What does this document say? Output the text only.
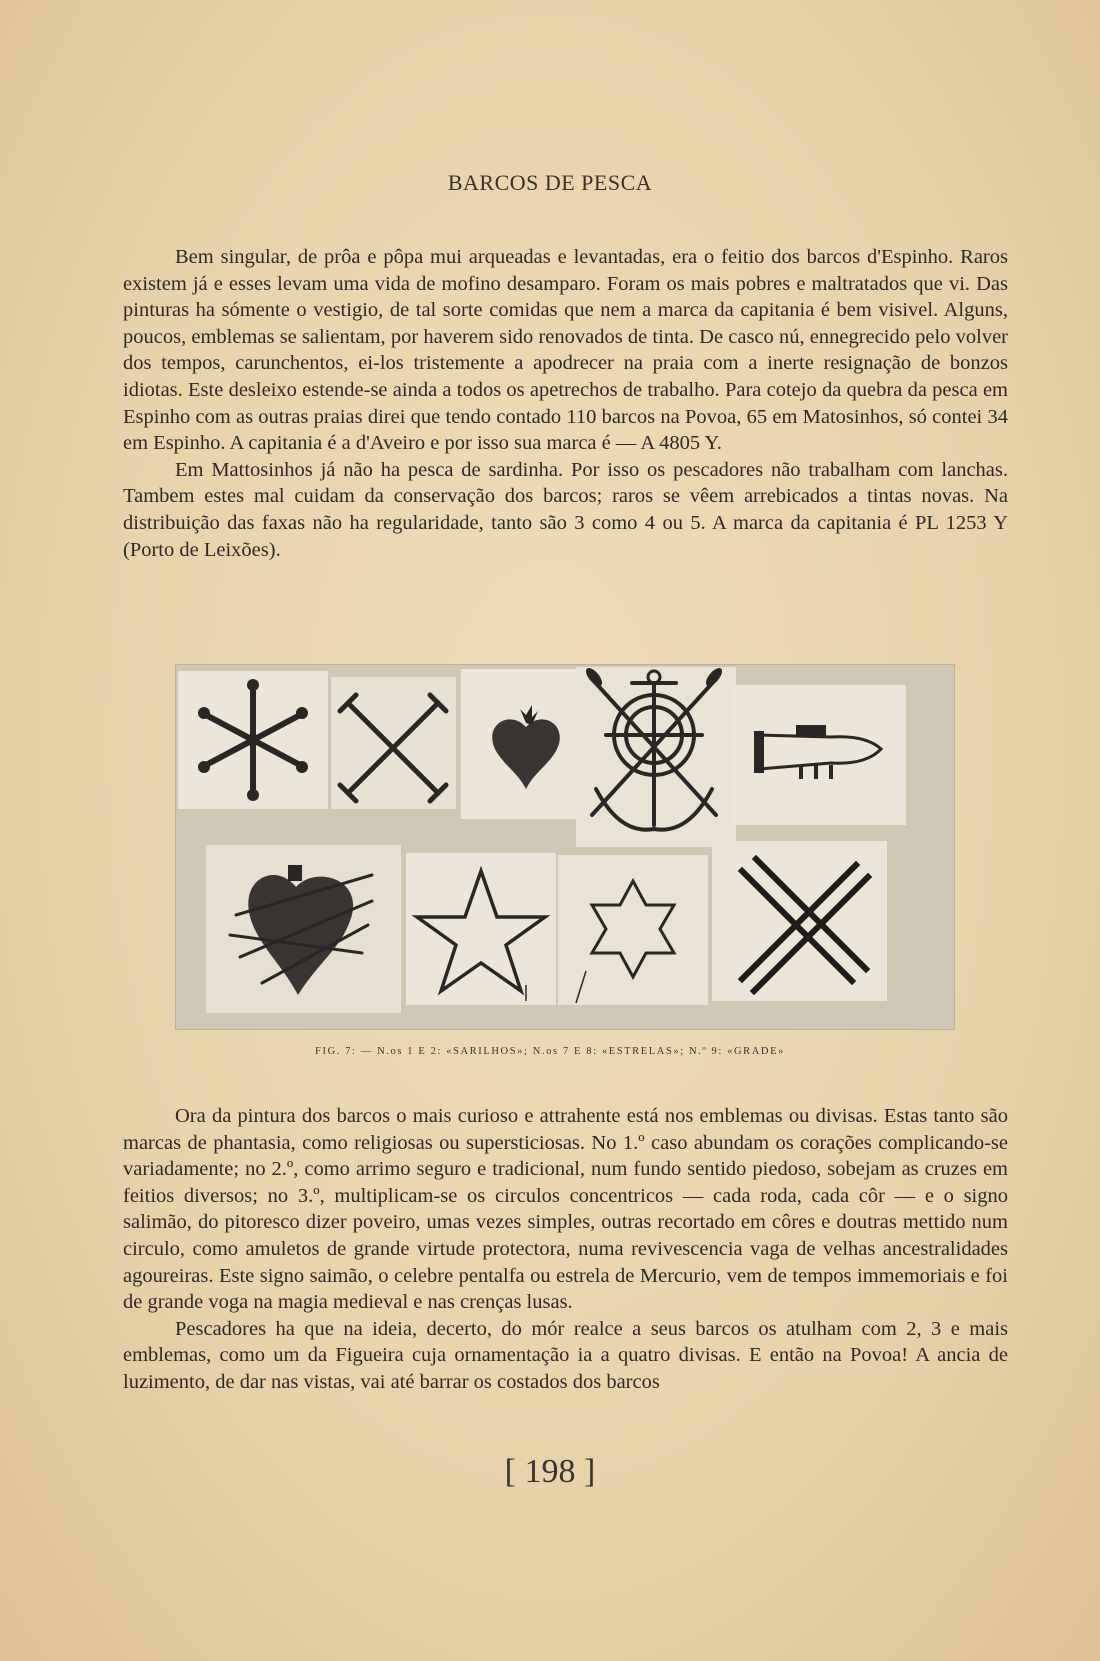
BARCOS DE PESCA

Bem singular, de prôa e pôpa mui arqueadas e levantadas, era o feitio dos barcos d'Espinho. Raros existem já e esses levam uma vida de mofino desamparo. Foram os mais pobres e maltratados que vi. Das pinturas ha sómente o vestigio, de tal sorte comidas que nem a marca da capitania é bem visivel. Alguns, poucos, emblemas se salientam, por haverem sido renovados de tinta. De casco nú, ennegrecido pelo volver dos tempos, carunchentos, ei-los tristemente a apodrecer na praia com a inerte resignação de bonzos idiotas. Este desleixo estende-se ainda a todos os apetrechos de trabalho. Para cotejo da quebra da pesca em Espinho com as outras praias direi que tendo contado 110 barcos na Povoa, 65 em Matosinhos, só contei 34 em Espinho. A capitania é a d'Aveiro e por isso sua marca é — A 4805 Y.

Em Mattosinhos já não ha pesca de sardinha. Por isso os pescadores não trabalham com lanchas. Tambem estes mal cuidam da conservação dos barcos; raros se vêem arrebicados a tintas novas. Na distribuição das faxas não ha regularidade, tanto são 3 como 4 ou 5. A marca da capitania é PL 1253 Y (Porto de Leixões).

FIG. 7: — N.os 1 E 2: «SARILHOS»; N.os 7 E 8: «ESTRELAS»; N.º 9: «GRADE»

Ora da pintura dos barcos o mais curioso e attrahente está nos emblemas ou divisas. Estas tanto são marcas de phantasia, como religiosas ou supersticiosas. No 1.º caso abundam os corações complicando-se variadamente; no 2.º, como arrimo seguro e tradicional, num fundo sentido piedoso, sobejam as cruzes em feitios diversos; no 3.º, multiplicam-se os circulos concentricos — cada roda, cada côr — e o signo salimão, do pitoresco dizer poveiro, umas vezes simples, outras recortado em côres e doutras mettido num circulo, como amuletos de grande virtude protectora, numa revivescencia vaga de velhas ancestralidades agoureiras. Este signo saimão, o celebre pentalfa ou estrela de Mercurio, vem de tempos immemoriais e foi de grande voga na magia medieval e nas crenças lusas.

Pescadores ha que na ideia, decerto, do mór realce a seus barcos os atulham com 2, 3 e mais emblemas, como um da Figueira cuja ornamentação ia a quatro divisas. E então na Povoa! A ancia de luzimento, de dar nas vistas, vai até barrar os costados dos barcos

[ 198 ]
